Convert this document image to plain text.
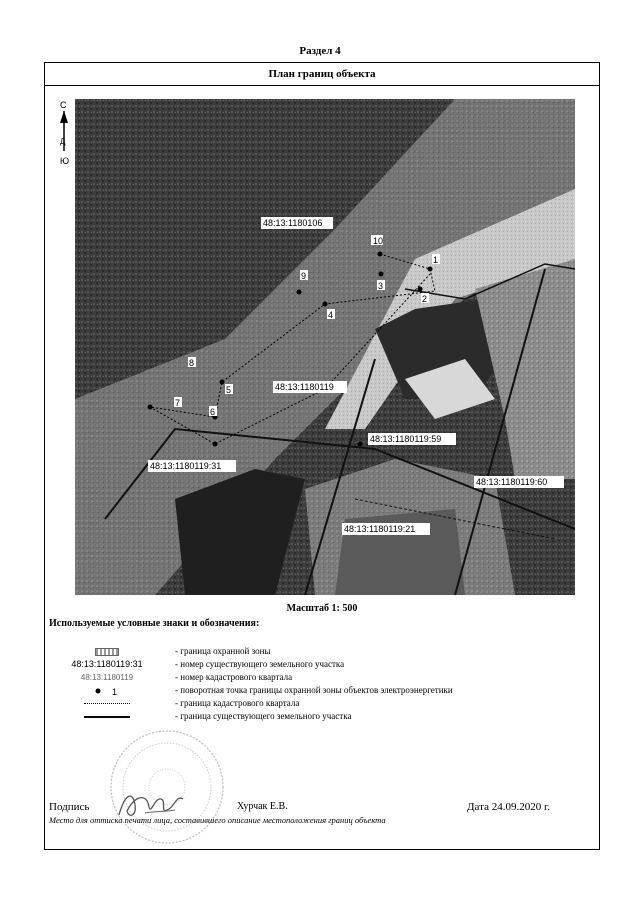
Раздел 4
План границ объекта
С
Д
Ю
10
1
3
2
9
4
8
5
7
6
48:13:1180106
48:13:1180119
48:13:1180119:59
48:13:1180119:31
48:13:1180119:60
48:13:1180119:21
Масштаб 1: 500
Используемые условные знаки и обозначения:
- граница охранной зоны
48:13:1180119:31	- номер существующего земельного участка
48:13:1180119	- номер кадастрового квартала
1	- поворотная точка границы охранной зоны объектов электроэнергетики
- граница кадастрового квартала
- граница существующего земельного участка
Подпись	Хурчак Е.В.	Дата 24.09.2020 г.
Место для оттиска печати лица, составившего описание местоположения границ объекта
